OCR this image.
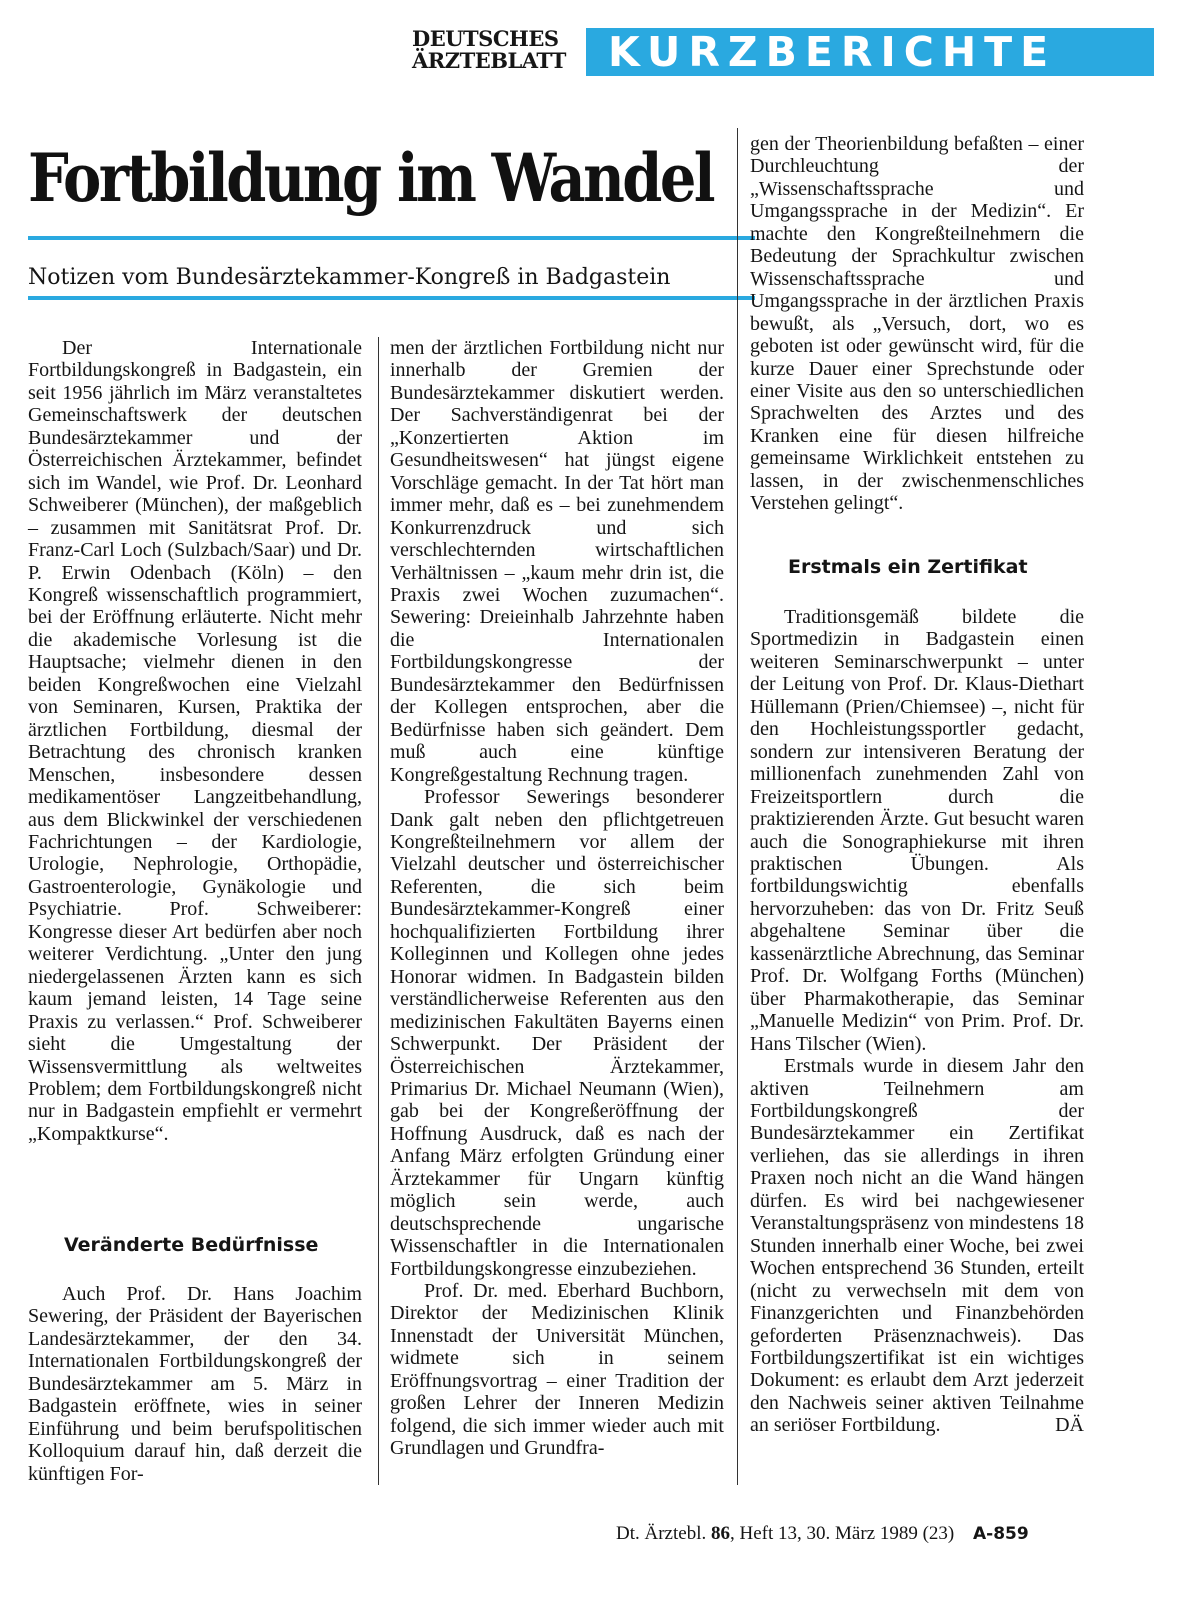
DEUTSCHES
ÄRZTEBLATT	KURZBERICHTE
Fortbildung im Wandel
Notizen vom Bundesärztekammer-Kongreß in Badgastein

Der Internationale Fortbildungskongreß in Badgastein, ein seit 1956 jährlich im März veranstaltetes Gemeinschaftswerk der deutschen Bundesärztekammer und der Österreichischen Ärztekammer, befindet sich im Wandel, wie Prof. Dr. Leonhard Schweiberer (München), der maßgeblich – zusammen mit Sanitätsrat Prof. Dr. Franz-Carl Loch (Sulzbach/Saar) und Dr. P. Erwin Odenbach (Köln) – den Kongreß wissenschaftlich programmiert, bei der Eröffnung erläuterte. Nicht mehr die akademische Vorlesung ist die Hauptsache; vielmehr dienen in den beiden Kongreßwochen eine Vielzahl von Seminaren, Kursen, Praktika der ärztlichen Fortbildung, diesmal der Betrachtung des chronisch kranken Menschen, insbesondere dessen medikamentöser Langzeitbehandlung, aus dem Blickwinkel der verschiedenen Fachrichtungen – der Kardiologie, Urologie, Nephrologie, Orthopädie, Gastroenterologie, Gynäkologie und Psychiatrie. Prof. Schweiberer: Kongresse dieser Art bedürfen aber noch weiterer Verdichtung. „Unter den jung niedergelassenen Ärzten kann es sich kaum jemand leisten, 14 Tage seine Praxis zu verlassen.“ Prof. Schweiberer sieht die Umgestaltung der Wissensvermittlung als weltweites Problem; dem Fortbildungskongreß nicht nur in Badgastein empfiehlt er vermehrt „Kompaktkurse“.

Veränderte Bedürfnisse

Auch Prof. Dr. Hans Joachim Sewering, der Präsident der Bayerischen Landesärztekammer, der den 34. Internationalen Fortbildungskongreß der Bundesärztekammer am 5. März in Badgastein eröffnete, wies in seiner Einführung und beim berufspolitischen Kolloquium darauf hin, daß derzeit die künftigen For-

men der ärztlichen Fortbildung nicht nur innerhalb der Gremien der Bundesärztekammer diskutiert werden. Der Sachverständigenrat bei der „Konzertierten Aktion im Gesundheitswesen“ hat jüngst eigene Vorschläge gemacht. In der Tat hört man immer mehr, daß es – bei zunehmendem Konkurrenzdruck und sich verschlechternden wirtschaftlichen Verhältnissen – „kaum mehr drin ist, die Praxis zwei Wochen zuzumachen“. Sewering: Dreieinhalb Jahrzehnte haben die Internationalen Fortbildungskongresse der Bundesärztekammer den Bedürfnissen der Kollegen entsprochen, aber die Bedürfnisse haben sich geändert. Dem muß auch eine künftige Kongreßgestaltung Rechnung tragen.

Professor Sewerings besonderer Dank galt neben den pflichtgetreuen Kongreßteilnehmern vor allem der Vielzahl deutscher und österreichischer Referenten, die sich beim Bundesärztekammer-Kongreß einer hochqualifizierten Fortbildung ihrer Kolleginnen und Kollegen ohne jedes Honorar widmen. In Badgastein bilden verständlicherweise Referenten aus den medizinischen Fakultäten Bayerns einen Schwerpunkt. Der Präsident der Österreichischen Ärztekammer, Primarius Dr. Michael Neumann (Wien), gab bei der Kongreßeröffnung der Hoffnung Ausdruck, daß es nach der Anfang März erfolgten Gründung einer Ärztekammer für Ungarn künftig möglich sein werde, auch deutschsprechende ungarische Wissenschaftler in die Internationalen Fortbildungskongresse einzubeziehen.

Prof. Dr. med. Eberhard Buchborn, Direktor der Medizinischen Klinik Innenstadt der Universität München, widmete sich in seinem Eröffnungsvortrag – einer Tradition der großen Lehrer der Inneren Medizin folgend, die sich immer wieder auch mit Grundlagen und Grundfra-

gen der Theorienbildung befaßten – einer Durchleuchtung der „Wissenschaftssprache und Umgangssprache in der Medizin“. Er machte den Kongreßteilnehmern die Bedeutung der Sprachkultur zwischen Wissenschaftssprache und Umgangssprache in der ärztlichen Praxis bewußt, als „Versuch, dort, wo es geboten ist oder gewünscht wird, für die kurze Dauer einer Sprechstunde oder einer Visite aus den so unterschiedlichen Sprachwelten des Arztes und des Kranken eine für diesen hilfreiche gemeinsame Wirklichkeit entstehen zu lassen, in der zwischenmenschliches Verstehen gelingt“.

Erstmals ein Zertifikat

Traditionsgemäß bildete die Sportmedizin in Badgastein einen weiteren Seminarschwerpunkt – unter der Leitung von Prof. Dr. Klaus-Diethart Hüllemann (Prien/Chiemsee) –, nicht für den Hochleistungssportler gedacht, sondern zur intensiveren Beratung der millionenfach zunehmenden Zahl von Freizeitsportlern durch die praktizierenden Ärzte. Gut besucht waren auch die Sonographiekurse mit ihren praktischen Übungen. Als fortbildungswichtig ebenfalls hervorzuheben: das von Dr. Fritz Seuß abgehaltene Seminar über die kassenärztliche Abrechnung, das Seminar Prof. Dr. Wolfgang Forths (München) über Pharmakotherapie, das Seminar „Manuelle Medizin“ von Prim. Prof. Dr. Hans Tilscher (Wien).

Erstmals wurde in diesem Jahr den aktiven Teilnehmern am Fortbildungskongreß der Bundesärztekammer ein Zertifikat verliehen, das sie allerdings in ihren Praxen noch nicht an die Wand hängen dürfen. Es wird bei nachgewiesener Veranstaltungspräsenz von mindestens 18 Stunden innerhalb einer Woche, bei zwei Wochen entsprechend 36 Stunden, erteilt (nicht zu verwechseln mit dem von Finanzgerichten und Finanzbehörden geforderten Präsenznachweis). Das Fortbildungszertifikat ist ein wichtiges Dokument: es erlaubt dem Arzt jederzeit den Nachweis seiner aktiven Teilnahme an seriöser Fortbildung.	DÄ
Dt. Ärztebl. 86, Heft 13, 30. März 1989 (23) A-859
